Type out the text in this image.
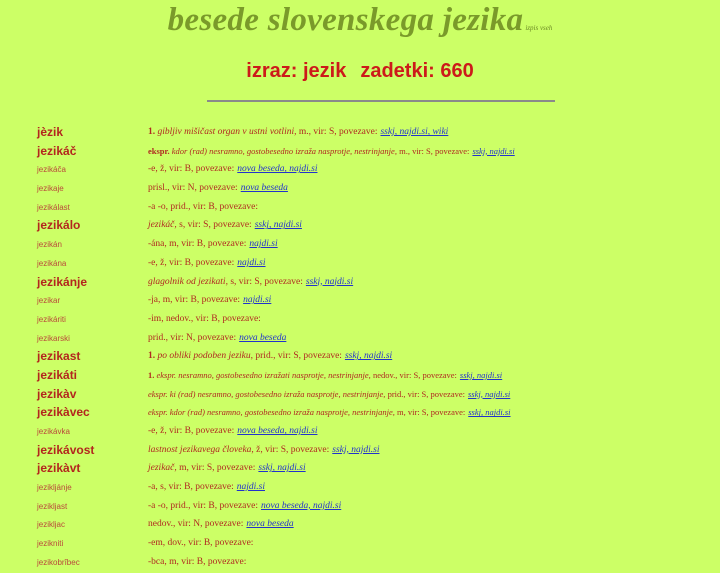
besede slovenskega jezika izpis vseh
izraz: jezik zadetki: 660
jèzik	1. gibljiv mišičast organ v ustni votlini, m., vir: S, povezave: sskj, najdi.si, wiki
jezikáč	ekspr. kdor (rad) nesramno, gostobesedno izraža nasprotje, nestrinjanje, m., vir: S, povezave: sskj, najdi.si
jezikáča	-e, ž, vir: B, povezave: nova beseda, najdi.si
jezikaje	prisl., vir: N, povezave: nova beseda
jezikálast	-a -o, prid., vir: B, povezave:
jezikálo	jezikáč, s, vir: S, povezave: sskj, najdi.si
jezikán	-ána, m, vir: B, povezave: najdi.si
jezikána	-e, ž, vir: B, povezave: najdi.si
jezikánje	glagolnik od jezikati, s, vir: S, povezave: sskj, najdi.si
jezikar	-ja, m, vir: B, povezave: najdi.si
jezikáriti	-im, nedov., vir: B, povezave:
jezikarski	prid., vir: N, povezave: nova beseda
jezikast	1. po obliki podoben jeziku, prid., vir: S, povezave: sskj, najdi.si
jezikáti	1. ekspr. nesramno, gostobesedno izražati nasprotje, nestrinjanje, nedov., vir: S, povezave: sskj, najdi.si
jezikàv	ekspr. ki (rad) nesramno, gostobesedno izraža nasprotje, nestrinjanje, prid., vir: S, povezave: sskj, najdi.si
jezikàvec	ekspr. kdor (rad) nesramno, gostobesedno izraža nasprotje, nestrinjanje, m, vir: S, povezave: sskj, najdi.si
jezikávka	-e, ž, vir: B, povezave: nova beseda, najdi.si
jezikávost	lastnost jezikavega človeka, ž, vir: S, povezave: sskj, najdi.si
jezikàvt	jezikač, m, vir: S, povezave: sskj, najdi.si
jezikljánje	-a, s, vir: B, povezave: najdi.si
jeziklјаst	-a -o, prid., vir: B, povezave: nova beseda, najdi.si
jeziklјаc	nedov., vir: N, povezave: nova beseda
jezikniti	-em, dov., vir: B, povezave:
jezikobrîbec	-bca, m, vir: B, povezave:
